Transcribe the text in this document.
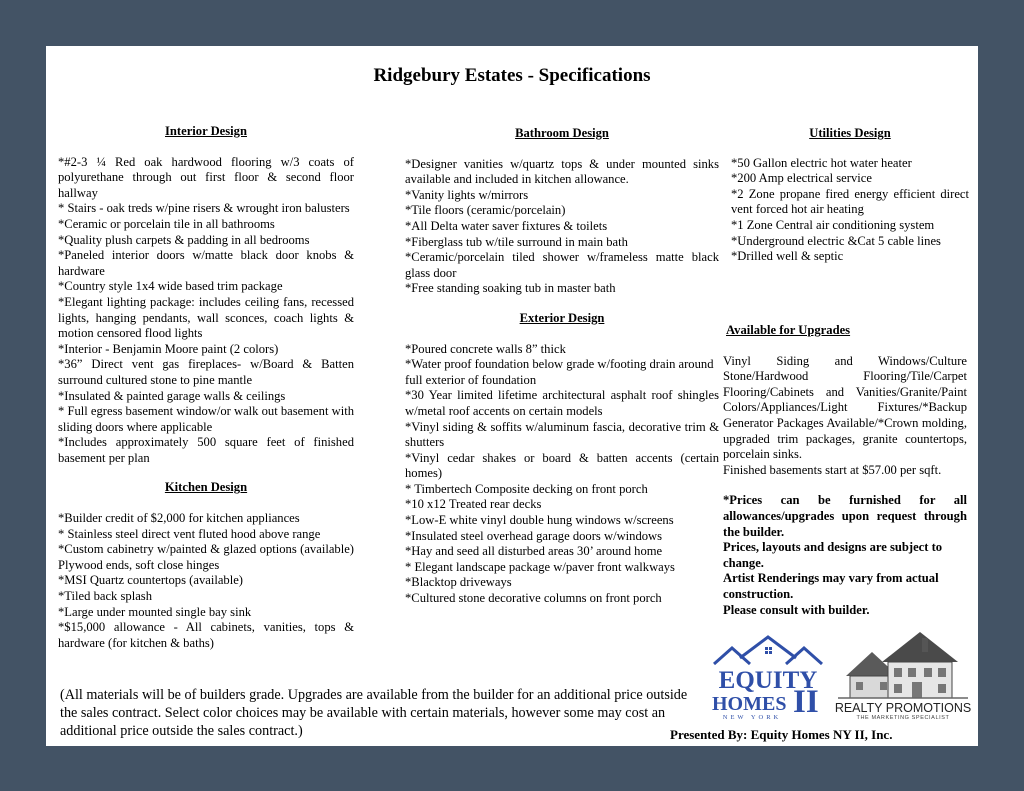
Ridgebury Estates - Specifications
Interior Design
*#2-3 ¼ Red oak hardwood flooring w/3 coats of polyurethane through out first floor & second floor hallway
* Stairs - oak treds w/pine risers & wrought iron balusters
*Ceramic or porcelain tile in all bathrooms
*Quality plush carpets & padding in all bedrooms
*Paneled interior doors w/matte black door knobs & hardware
*Country style 1x4 wide based trim package
*Elegant lighting package: includes ceiling fans, recessed lights, hanging pendants, wall sconces, coach lights & motion censored flood lights
*Interior - Benjamin Moore paint (2 colors)
*36” Direct vent gas fireplaces- w/Board & Batten surround cultured stone to pine mantle
*Insulated & painted garage walls & ceilings
* Full egress basement window/or walk out basement with sliding doors where applicable
*Includes approximately 500 square feet of finished basement per plan
Kitchen Design
*Builder credit of $2,000 for kitchen appliances
* Stainless steel direct vent fluted hood above range
*Custom cabinetry w/painted & glazed options (available) Plywood ends, soft close hinges
*MSI Quartz countertops (available)
*Tiled back splash
*Large under mounted single bay sink
*$15,000 allowance - All cabinets, vanities, tops & hardware (for kitchen & baths)
Bathroom Design
*Designer vanities w/quartz tops & under mounted sinks available and included in kitchen allowance.
*Vanity lights w/mirrors
*Tile floors (ceramic/porcelain)
*All Delta water saver fixtures & toilets
*Fiberglass tub w/tile surround in main bath
*Ceramic/porcelain tiled shower w/frameless matte black glass door
*Free standing soaking tub in master bath
Exterior Design
*Poured concrete walls 8” thick
*Water proof foundation below grade w/footing drain around full exterior of foundation
*30 Year limited lifetime architectural asphalt roof shingles w/metal roof accents on certain models
*Vinyl siding & soffits w/aluminum fascia, decorative trim & shutters
*Vinyl cedar shakes or board & batten accents (certain homes)
* Timbertech Composite decking on front porch
*10 x12 Treated rear decks
*Low-E white vinyl double hung windows w/screens
*Insulated steel overhead garage doors w/windows
*Hay and seed all disturbed areas 30’ around home
* Elegant landscape package w/paver front walkways
*Blacktop driveways
*Cultured stone decorative columns on front porch
Utilities Design
*50 Gallon electric hot water heater
*200 Amp electrical service
*2 Zone propane fired energy efficient direct vent forced hot air heating
*1 Zone Central air conditioning system
*Underground electric &Cat 5 cable lines
*Drilled well & septic
Available for Upgrades
Vinyl Siding and Windows/Culture Stone/Hardwood Flooring/Tile/Carpet Flooring/Cabinets and Vanities/Granite/Paint Colors/Appliances/Light Fixtures/*Backup Generator Packages Available/*Crown molding, upgraded trim packages, granite countertops, porcelain sinks.
Finished basements start at $57.00 per sqft.
*Prices can be furnished for all allowances/upgrades upon request through the builder.
Prices, layouts and designs are subject to change.
Artist Renderings may vary from actual construction.
Please consult with builder.
(All materials will be of builders grade. Upgrades are available from the builder for an additional price outside the sales contract. Select color choices may be available with certain materials, however some may cost an additional price outside the sales contract.)
EQUITY
HOMES II
NEW YORK
REALTY PROMOTIONS
THE MARKETING SPECIALIST
Presented By: Equity Homes NY II, Inc.
